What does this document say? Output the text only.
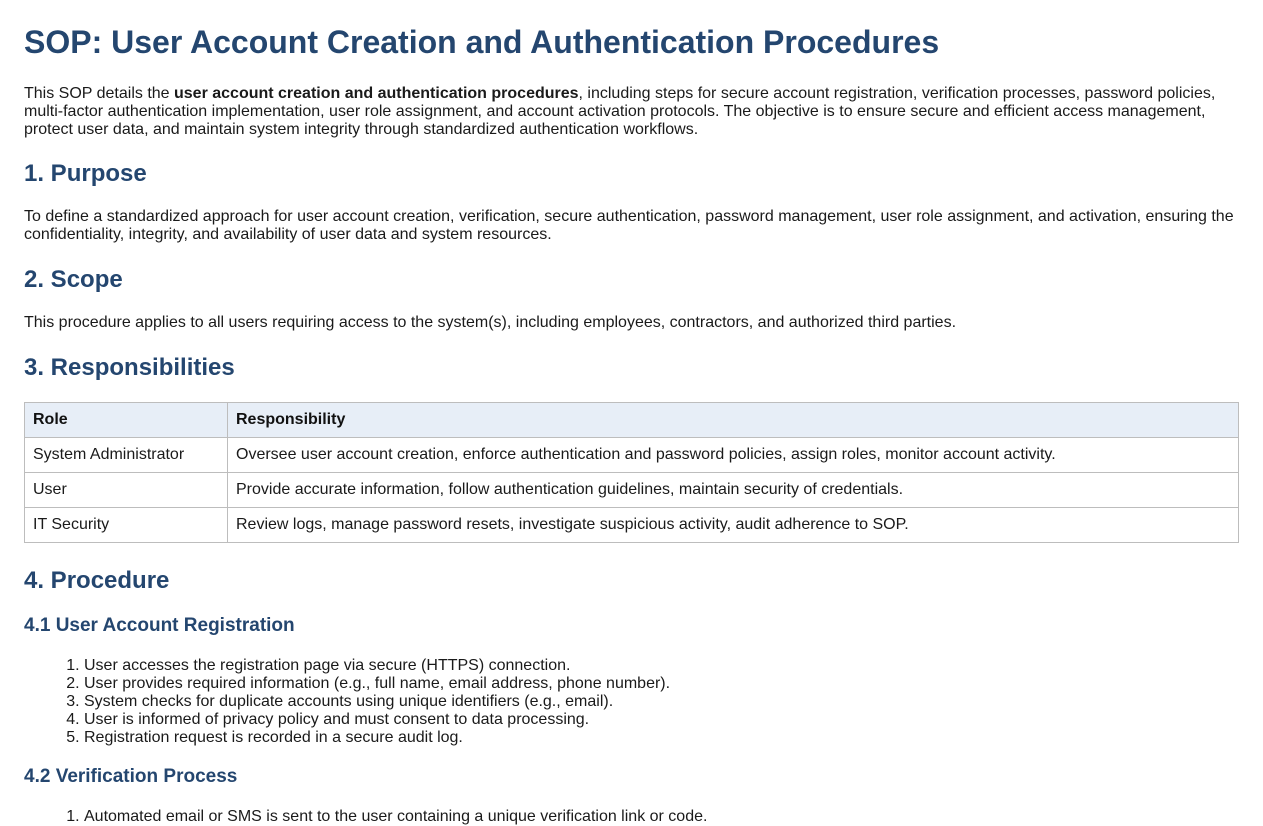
SOP: User Account Creation and Authentication Procedures

This SOP details the user account creation and authentication procedures, including steps for secure account registration, verification processes, password policies, multi-factor authentication implementation, user role assignment, and account activation protocols. The objective is to ensure secure and efficient access management, protect user data, and maintain system integrity through standardized authentication workflows.

1. Purpose

To define a standardized approach for user account creation, verification, secure authentication, password management, user role assignment, and activation, ensuring the confidentiality, integrity, and availability of user data and system resources.

2. Scope

This procedure applies to all users requiring access to the system(s), including employees, contractors, and authorized third parties.

3. Responsibilities
Role	Responsibility
System Administrator	Oversee user account creation, enforce authentication and password policies, assign roles, monitor account activity.
User	Provide accurate information, follow authentication guidelines, maintain security of credentials.
IT Security	Review logs, manage password resets, investigate suspicious activity, audit adherence to SOP.
4. Procedure
4.1 User Account Registration
1. User accesses the registration page via secure (HTTPS) connection.
2. User provides required information (e.g., full name, email address, phone number).
3. System checks for duplicate accounts using unique identifiers (e.g., email).
4. User is informed of privacy policy and must consent to data processing.
5. Registration request is recorded in a secure audit log.
4.2 Verification Process
1. Automated email or SMS is sent to the user containing a unique verification link or code.
